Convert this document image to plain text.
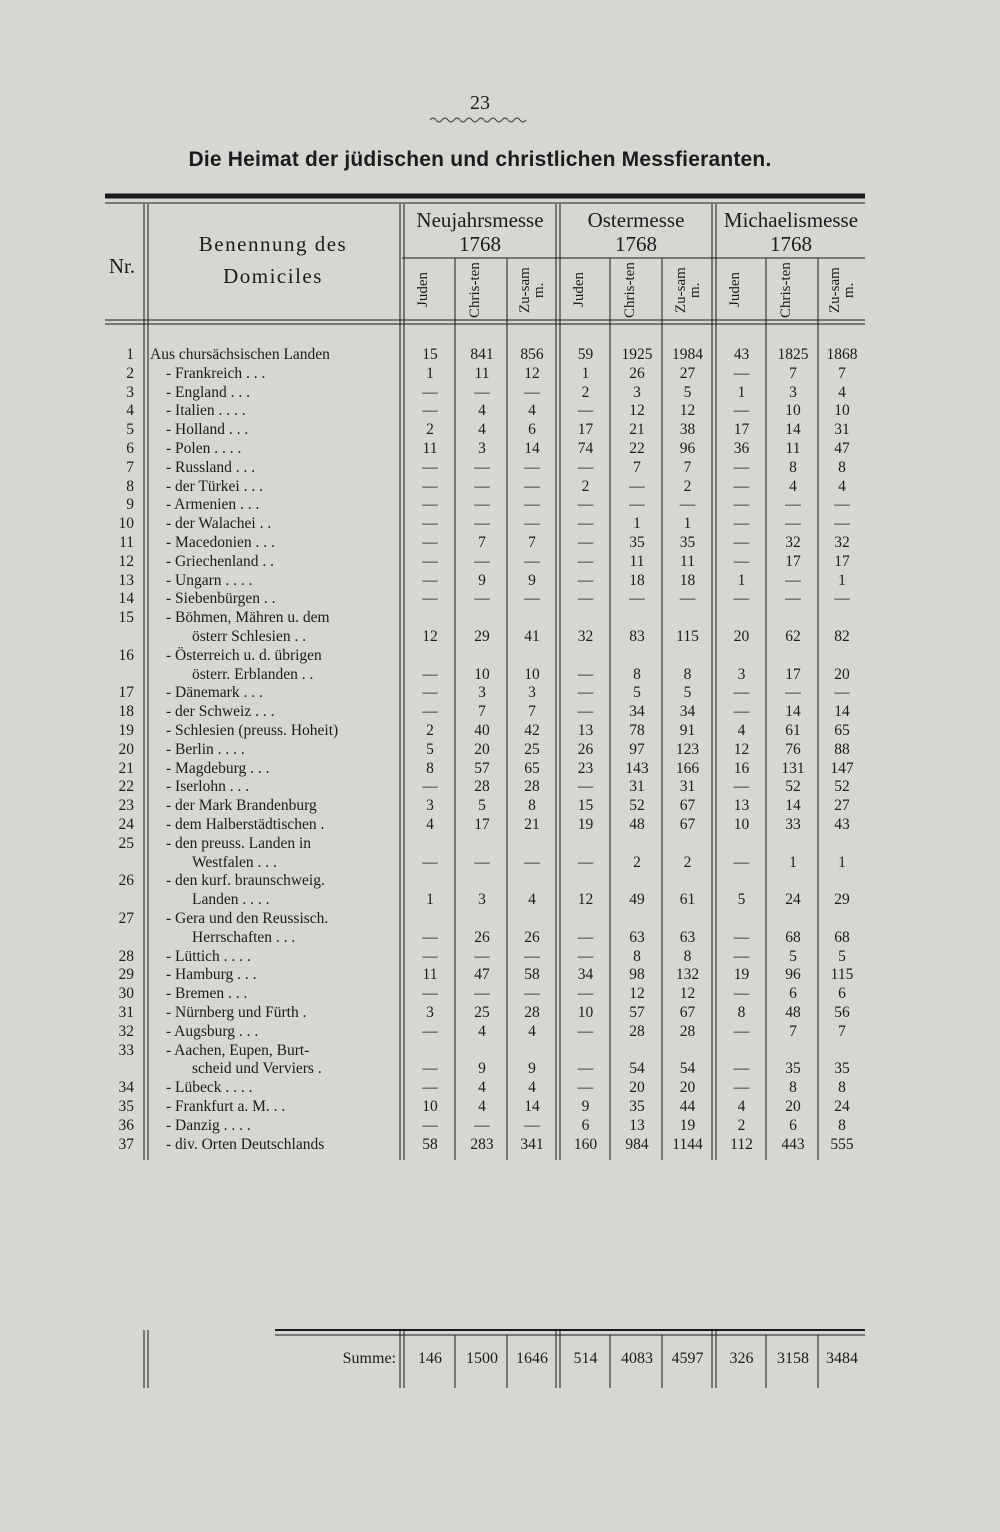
23
Die Heimat der jüdischen und christlichen Messfieranten.
Nr.
Benennung des
Domiciles
Neujahrsmesse
1768
Ostermesse
1768
Michaelismesse
1768
Juden	Chris-ten	Zu-samm. Juden	Chris-ten	Zu-samm. Juden	Chris-ten	Zu-samm.
1 Aus chursächsischen Landen	15	841	856	59	1925	1984	43	1825	1868
2 - Frankreich . . .	1	11	12	1	26	27	—	7	7
3 - England . . .	—	—	—	2	3	5	1	3	4
4 - Italien . . . .	—	4	4	—	12	12	—	10	10
5 - Holland . . .	2	4	6	17	21	38	17	14	31
6 - Polen . . . .	11	3	14	74	22	96	36	11	47
7 - Russland . . .	—	—	—	—	7	7	—	8	8
8 - der Türkei . . .	—	—	—	2	—	2	—	4	4
9 - Armenien . . .	—	—	—	—	—	—	—	—	—
10 - der Walachei . .	—	—	—	—	1	1	—	—	—
11 - Macedonien . . .	—	7	7	—	35	35	—	32	32
12 - Griechenland . .	—	—	—	—	11	11	—	17	17
13 - Ungarn . . . .	—	9	9	—	18	18	1	—	1
14 - Siebenbürgen . .	—	—	—	—	—	—	—	—	—
15 - Böhmen, Mähren u. dem
österr Schlesien . .	12	29	41	32	83	115	20	62	82
16 - Österreich u. d. übrigen
österr. Erblanden . .	—	10	10	—	8	8	3	17	20
17 - Dänemark . . .	—	3	3	—	5	5	—	—	—
18 - der Schweiz . . .	—	7	7	—	34	34	—	14	14
19 - Schlesien (preuss. Hoheit)	2	40	42	13	78	91	4	61	65
20 - Berlin . . . .	5	20	25	26	97	123	12	76	88
21 - Magdeburg . . .	8	57	65	23	143	166	16	131	147
22 - Iserlohn . . .	—	28	28	—	31	31	—	52	52
23 - der Mark Brandenburg	3	5	8	15	52	67	13	14	27
24 - dem Halberstädtischen .	4	17	21	19	48	67	10	33	43
25 - den preuss. Landen in
Westfalen . . .	—	—	—	—	2	2	—	1	1
26 - den kurf. braunschweig.
Landen . . . .	1	3	4	12	49	61	5	24	29
27 - Gera und den Reussisch.
Herrschaften . . .	—	26	26	—	63	63	—	68	68
28 - Lüttich . . . .	—	—	—	—	8	8	—	5	5
29 - Hamburg . . .	11	47	58	34	98	132	19	96	115
30 - Bremen . . .	—	—	—	—	12	12	—	6	6
31 - Nürnberg und Fürth .	3	25	28	10	57	67	8	48	56
32 - Augsburg . . .	—	4	4	—	28	28	—	7	7
33 - Aachen, Eupen, Burt-
scheid und Verviers .	—	9	9	—	54	54	—	35	35
34 - Lübeck . . . .	—	4	4	—	20	20	—	8	8
35 - Frankfurt a. M. . .	10	4	14	9	35	44	4	20	24
36 - Danzig . . . .	—	—	—	6	13	19	2	6	8
37 - div. Orten Deutschlands	58	283	341	160	984	1144	112	443	555
Summe:	146	1500	1646	514	4083	4597	326	3158	3484
